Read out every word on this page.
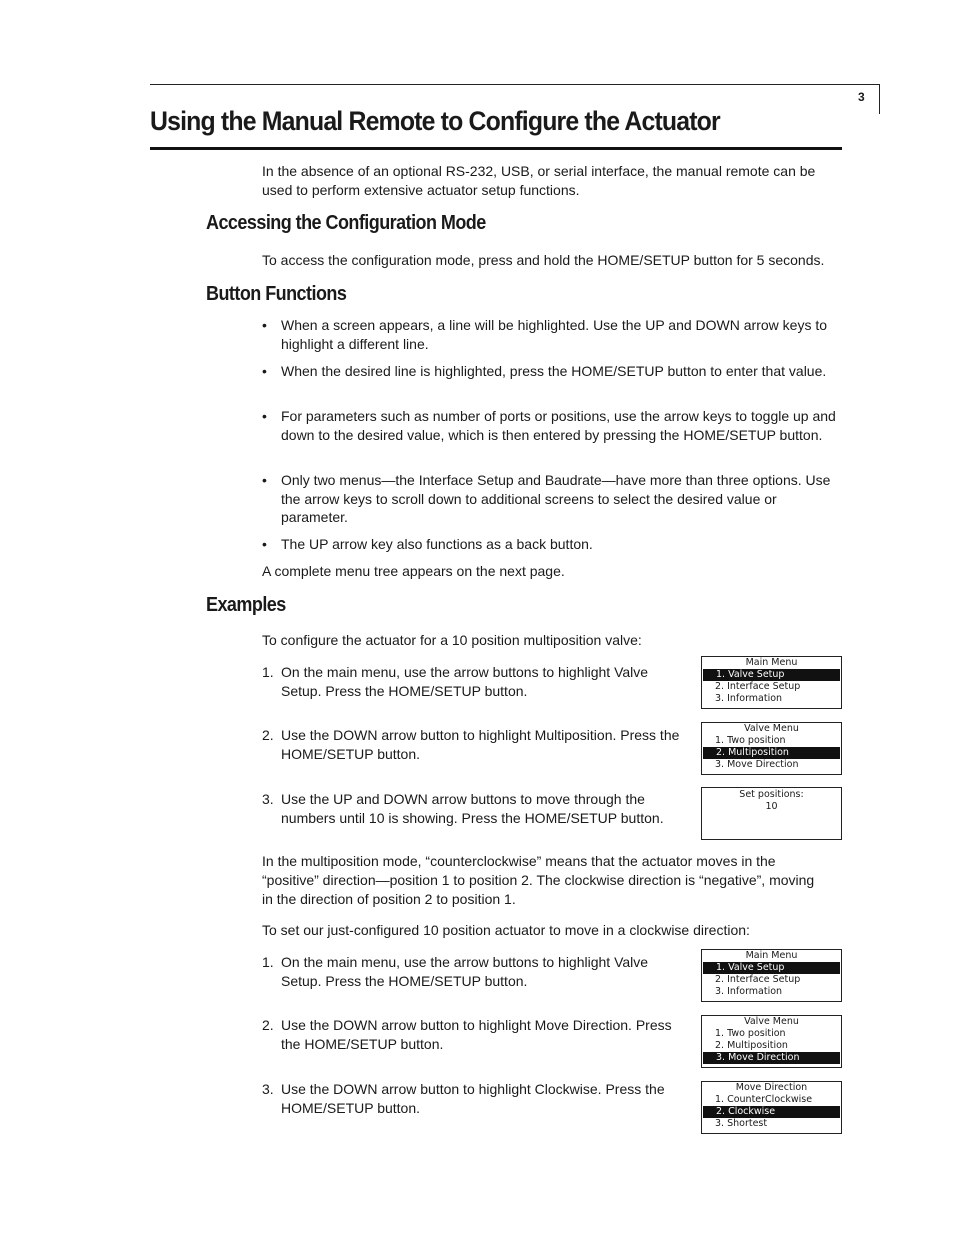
3
Using the Manual Remote to Configure the Actuator

In the absence of an optional RS-232, USB, or serial interface, the manual remote can be used to perform extensive actuator setup functions.

Accessing the Configuration Mode

To access the configuration mode, press and hold the HOME/SETUP button for 5 seconds.

Button Functions
• When a screen appears, a line will be highlighted. Use the UP and DOWN arrow keys to highlight a different line.
• When the desired line is highlighted, press the HOME/SETUP button to enter that value.
• For parameters such as number of ports or positions, use the arrow keys to toggle up and down to the desired value, which is then entered by pressing the HOME/SETUP button.
• Only two menus—the Interface Setup and Baudrate—have more than three options. Use the arrow keys to scroll down to additional screens to select the desired value or parameter.
• The UP arrow key also functions as a back button.

A complete menu tree appears on the next page.

Examples

To configure the actuator for a 10 position multiposition valve:

1. On the main menu, use the arrow buttons to highlight Valve Setup. Press the HOME/SETUP button.
2. Use the DOWN arrow button to highlight Multiposition. Press the HOME/SETUP button.
3. Use the UP and DOWN arrow buttons to move through the numbers until 10 is showing. Press the HOME/SETUP button.
Main Menu
1. Valve Setup
2. Interface Setup
3. Information
Valve Menu
1. Two position
2. Multiposition
3. Move Direction
Set positions:
10

In the multiposition mode, “counterclockwise” means that the actuator moves in the “positive” direction—position 1 to position 2. The clockwise direction is “negative”, moving in the direction of position 2 to position 1.

To set our just-configured 10 position actuator to move in a clockwise direction:

1. On the main menu, use the arrow buttons to highlight Valve Setup. Press the HOME/SETUP button.
2. Use the DOWN arrow button to highlight Move Direction. Press the HOME/SETUP button.
3. Use the DOWN arrow button to highlight Clockwise. Press the HOME/SETUP button.
Main Menu
1. Valve Setup
2. Interface Setup
3. Information
Valve Menu
1. Two position
2. Multiposition
3. Move Direction
Move Direction
1. CounterClockwise
2. Clockwise
3. Shortest
